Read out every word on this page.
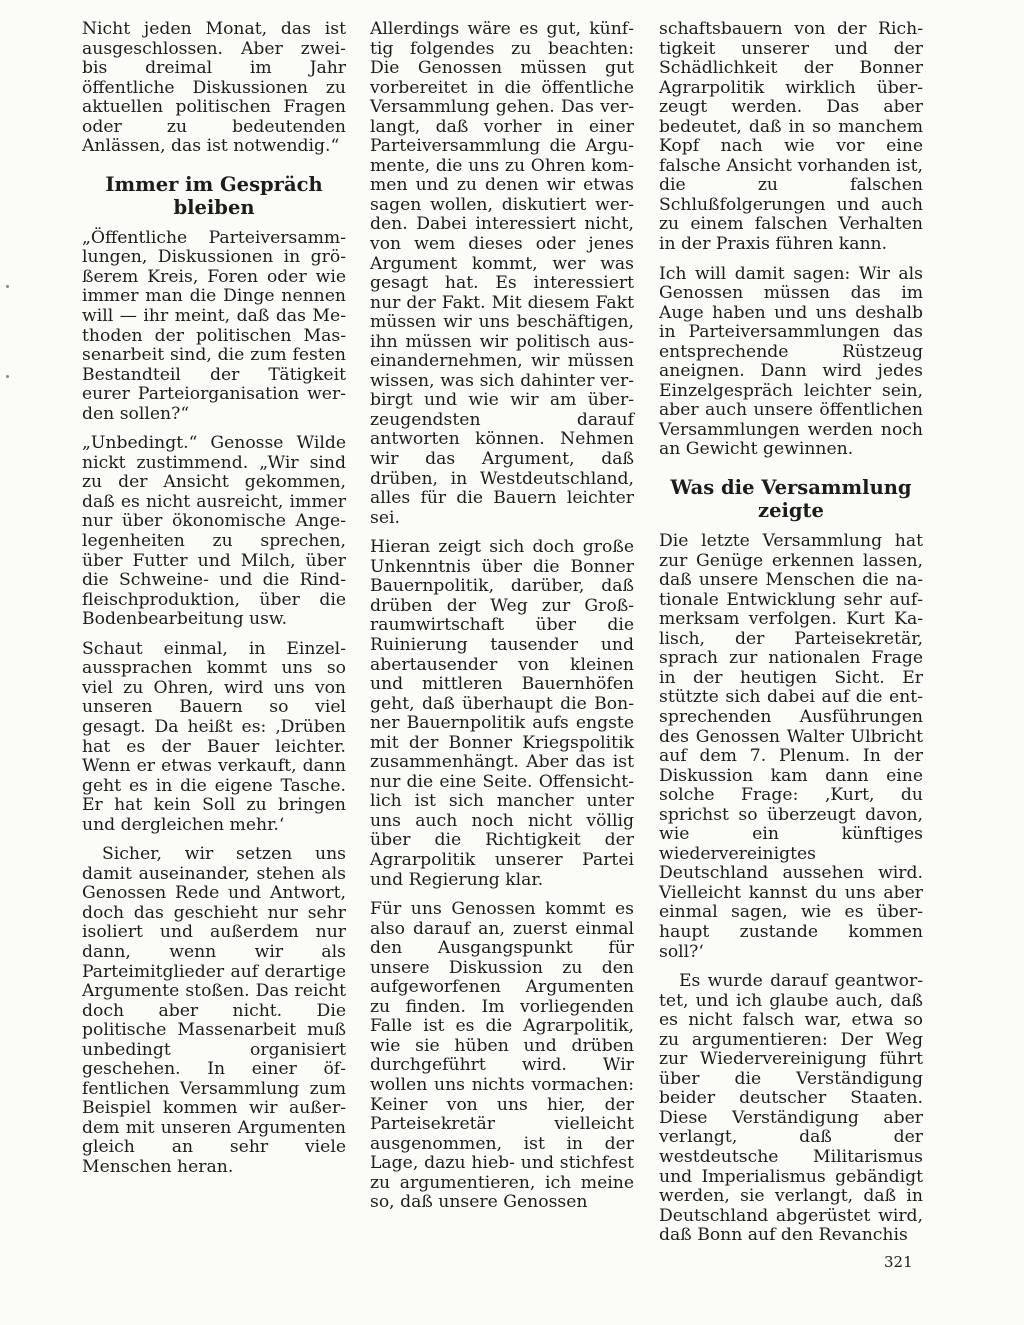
Nicht jeden Monat, das ist ausgeschlossen. Aber zwei- bis dreimal im Jahr öffentliche Diskussionen zu aktuellen politischen Fragen oder zu bedeutenden Anlässen, das ist notwendig.“

Immer im Gespräch bleiben

„Öffentliche Parteiversammlungen, Diskussionen in größerem Kreis, Foren oder wie immer man die Dinge nennen will — ihr meint, daß das Methoden der politischen Massenarbeit sind, die zum festen Bestandteil der Tätigkeit eurer Parteiorganisation werden sollen?“

„Unbedingt.“ Genosse Wilde nickt zustimmend. „Wir sind zu der Ansicht gekommen, daß es nicht ausreicht, immer nur über ökonomische Angelegenheiten zu sprechen, über Futter und Milch, über die Schweine- und die Rindfleischproduktion, über die Bodenbearbeitung usw.

Schaut einmal, in Einzelaussprachen kommt uns so viel zu Ohren, wird uns von unseren Bauern so viel gesagt. Da heißt es: ‚Drüben hat es der Bauer leichter. Wenn er etwas verkauft, dann geht es in die eigene Tasche. Er hat kein Soll zu bringen und dergleichen mehr.‘

Sicher, wir setzen uns damit auseinander, stehen als Genossen Rede und Antwort, doch das geschieht nur sehr isoliert und außerdem nur dann, wenn wir als Parteimitglieder auf derartige Argumente stoßen. Das reicht doch aber nicht. Die politische Massenarbeit muß unbedingt organisiert geschehen. In einer öffentlichen Versammlung zum Beispiel kommen wir außerdem mit unseren Argumenten gleich an sehr viele Menschen heran.

Allerdings wäre es gut, künftig folgendes zu beachten: Die Genossen müssen gut vorbereitet in die öffentliche Versammlung gehen. Das verlangt, daß vorher in einer Parteiversammlung die Argumente, die uns zu Ohren kommen und zu denen wir etwas sagen wollen, diskutiert werden. Dabei interessiert nicht, von wem dieses oder jenes Argument kommt, wer was gesagt hat. Es interessiert nur der Fakt. Mit diesem Fakt müssen wir uns beschäftigen, ihn müssen wir politisch auseinandernehmen, wir müssen wissen, was sich dahinter verbirgt und wie wir am überzeugendsten darauf antworten können. Nehmen wir das Argument, daß drüben, in Westdeutschland, alles für die Bauern leichter sei.

Hieran zeigt sich doch große Unkenntnis über die Bonner Bauernpolitik, darüber, daß drüben der Weg zur Großraumwirtschaft über die Ruinierung tausender und abertausender von kleinen und mittleren Bauernhöfen geht, daß überhaupt die Bonner Bauernpolitik aufs engste mit der Bonner Kriegspolitik zusammenhängt. Aber das ist nur die eine Seite. Offensichtlich ist sich mancher unter uns auch noch nicht völlig über die Richtigkeit der Agrarpolitik unserer Partei und Regierung klar.

Für uns Genossen kommt es also darauf an, zuerst einmal den Ausgangspunkt für unsere Diskussion zu den aufgeworfenen Argumenten zu finden. Im vorliegenden Falle ist es die Agrarpolitik, wie sie hüben und drüben durchgeführt wird. Wir wollen uns nichts vormachen: Keiner von uns hier, der Parteisekretär vielleicht ausgenommen, ist in der Lage, dazu hieb- und stichfest zu argumentieren, ich meine so, daß unsere Genossen

schaftsbauern von der Richtigkeit unserer und der Schädlichkeit der Bonner Agrarpolitik wirklich überzeugt werden. Das aber bedeutet, daß in so manchem Kopf nach wie vor eine falsche Ansicht vorhanden ist, die zu falschen Schlußfolgerungen und auch zu einem falschen Verhalten in der Praxis führen kann.

Ich will damit sagen: Wir als Genossen müssen das im Auge haben und uns deshalb in Parteiversammlungen das entsprechende Rüstzeug aneignen. Dann wird jedes Einzelgespräch leichter sein, aber auch unsere öffentlichen Versammlungen werden noch an Gewicht gewinnen.

Was die Versammlung zeigte

Die letzte Versammlung hat zur Genüge erkennen lassen, daß unsere Menschen die nationale Entwicklung sehr aufmerksam verfolgen. Kurt Kalisch, der Parteisekretär, sprach zur nationalen Frage in der heutigen Sicht. Er stützte sich dabei auf die entsprechenden Ausführungen des Genossen Walter Ulbricht auf dem 7. Plenum. In der Diskussion kam dann eine solche Frage: ‚Kurt, du sprichst so überzeugt davon, wie ein künftiges wiedervereinigtes Deutschland aussehen wird. Vielleicht kannst du uns aber einmal sagen, wie es überhaupt zustande kommen soll?‘

Es wurde darauf geantwortet, und ich glaube auch, daß es nicht falsch war, etwa so zu argumentieren: Der Weg zur Wiedervereinigung führt über die Verständigung beider deutscher Staaten. Diese Verständigung aber verlangt, daß der westdeutsche Militarismus und Imperialismus gebändigt werden, sie verlangt, daß in Deutschland abgerüstet wird, daß Bonn auf den Revanchis

321
